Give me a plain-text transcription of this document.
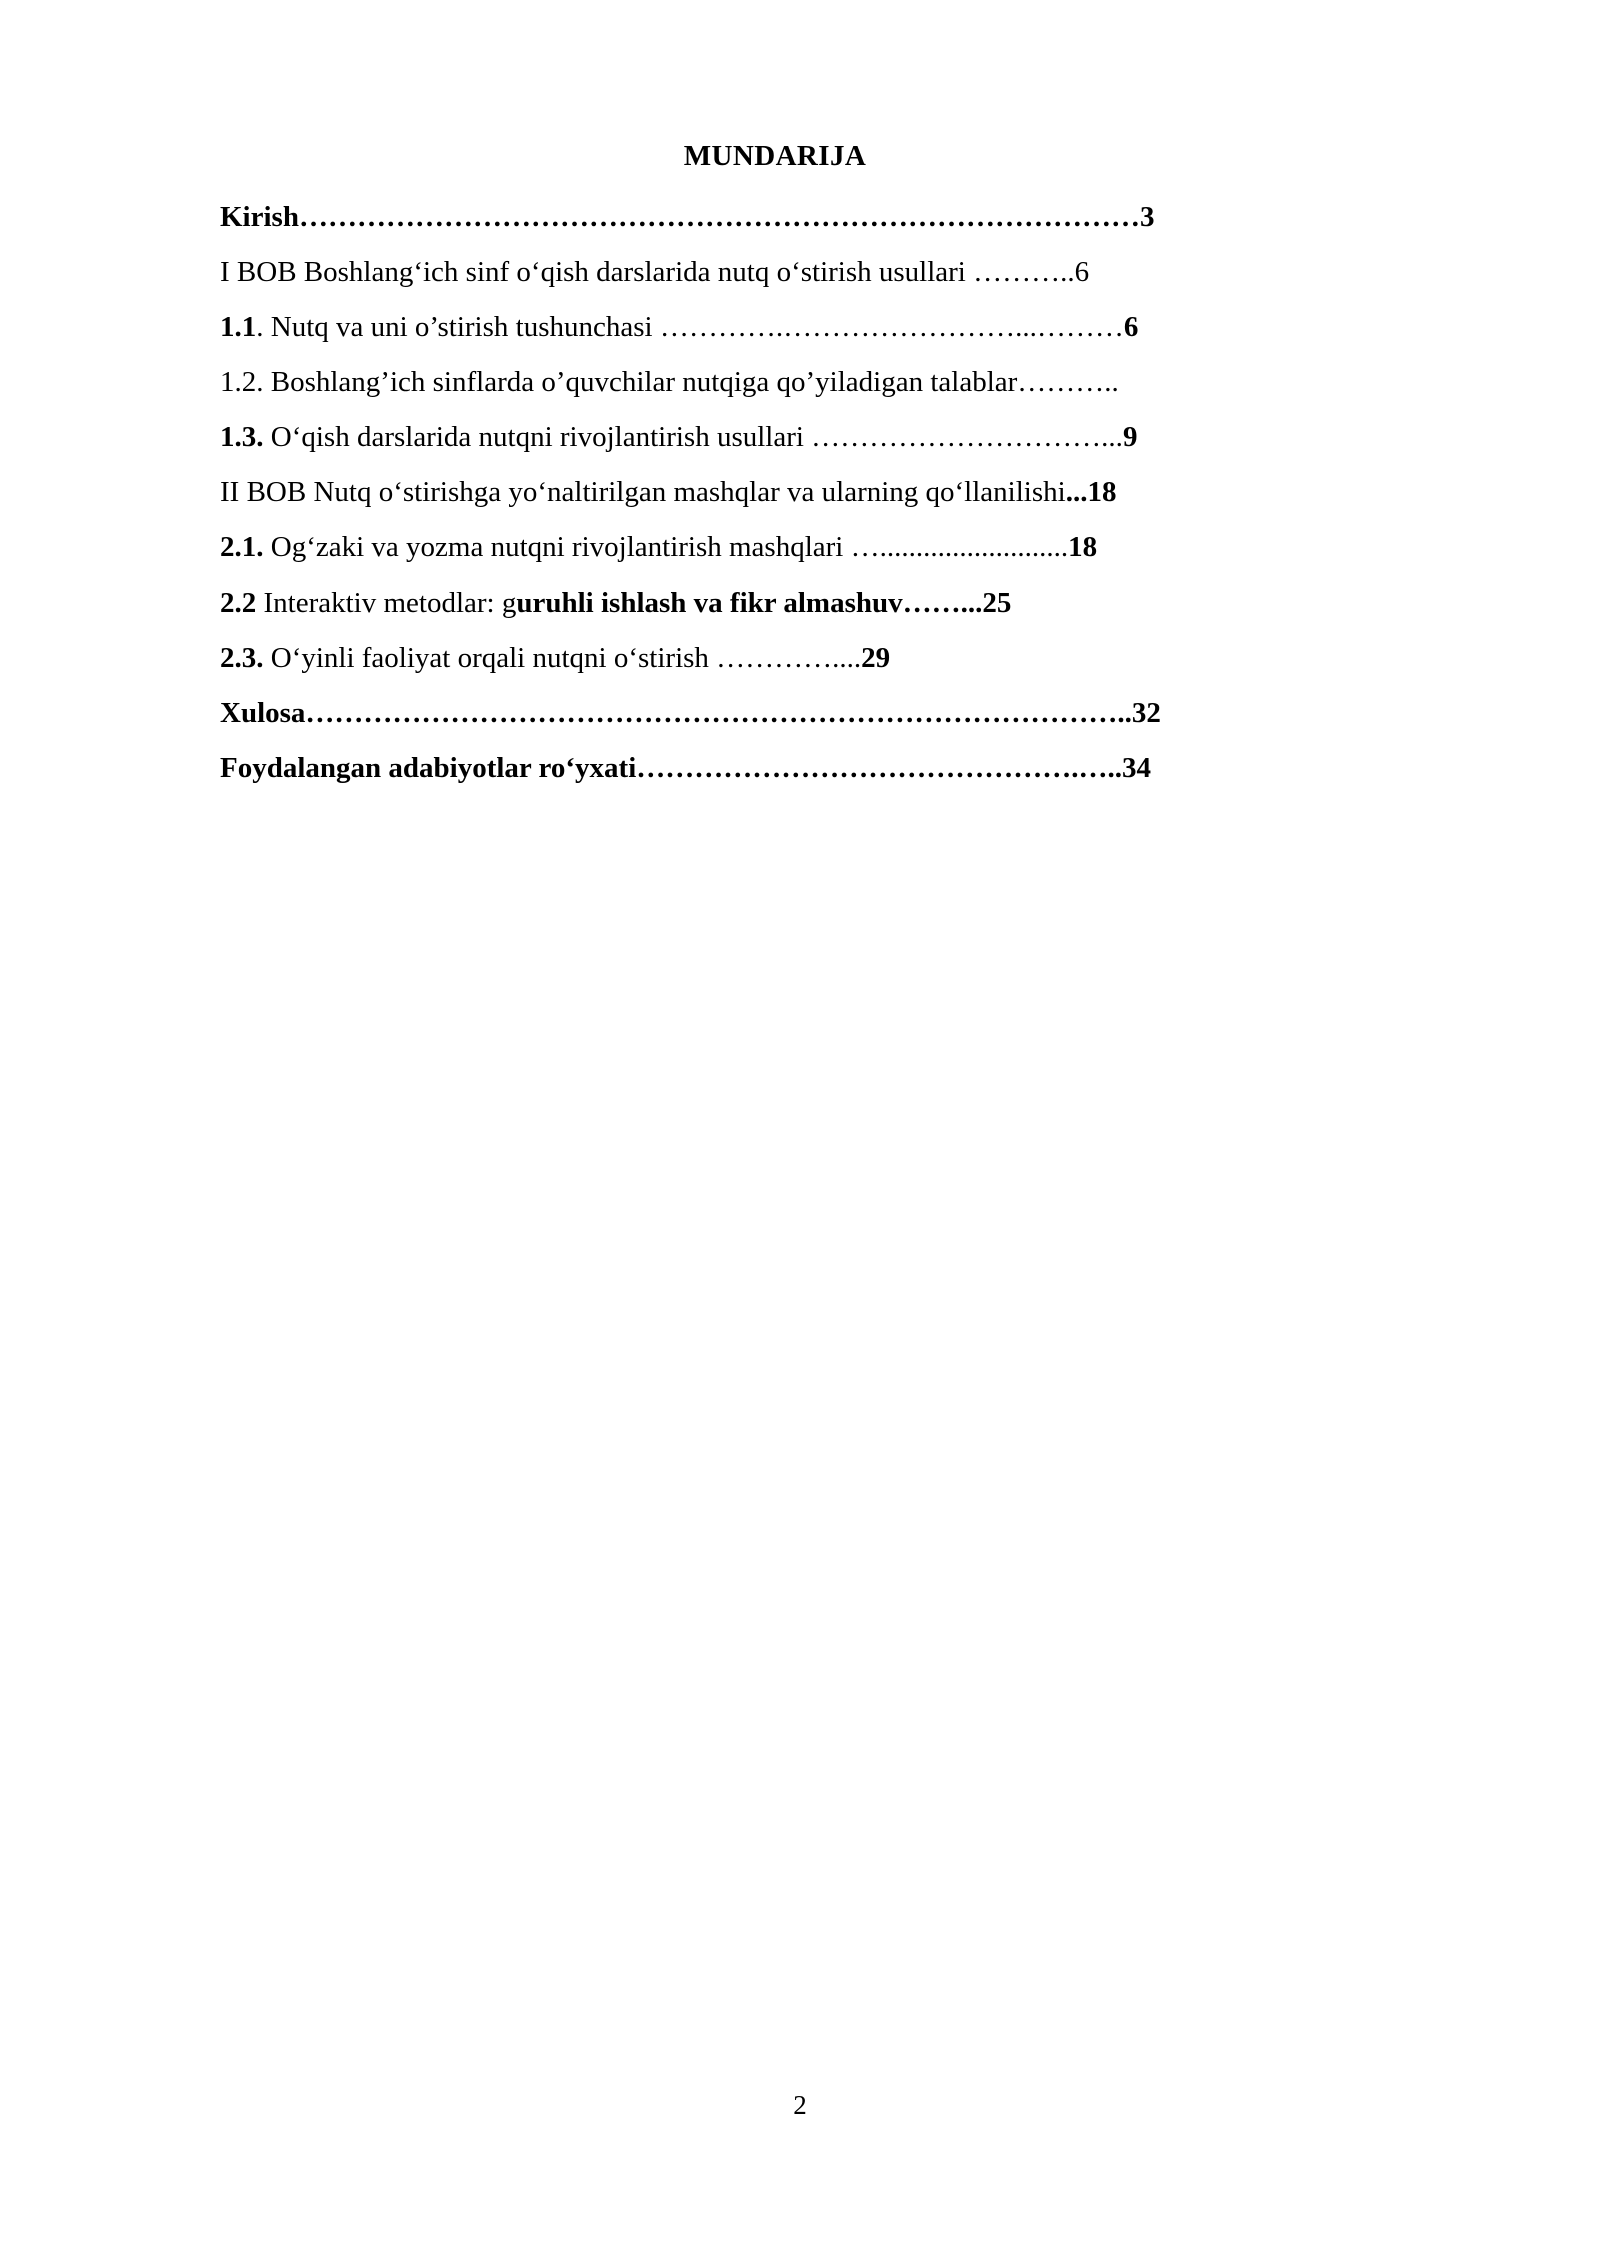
MUNDARIJA
Kirish……………………………………………………………………………3
I BOB Boshlang‘ich sinf o‘qish darslarida nutq o‘stirish usullari ………..6
1.1. Nutq va uni o’stirish tushunchasi ………….……………………...………6
1.2. Boshlang’ich sinflarda o’quvchilar nutqiga qo’yiladigan talablar………..
1.3. O‘qish darslarida nutqni rivojlantirish usullari …………………………...9
II BOB Nutq o‘stirishga yo‘naltirilgan mashqlar va ularning qo‘llanilishi...18
2.1. Og‘zaki va yozma nutqni rivojlantirish mashqlari …..........................18
2.2 Interaktiv metodlar: guruhli ishlash va fikr almashuv……...25
2.3. O‘yinli faoliyat orqali nutqni o‘stirish …………....29
Xulosa…………………………………………………………………………..32
Foydalangan adabiyotlar ro‘yxati……………………………………….…..34
2
